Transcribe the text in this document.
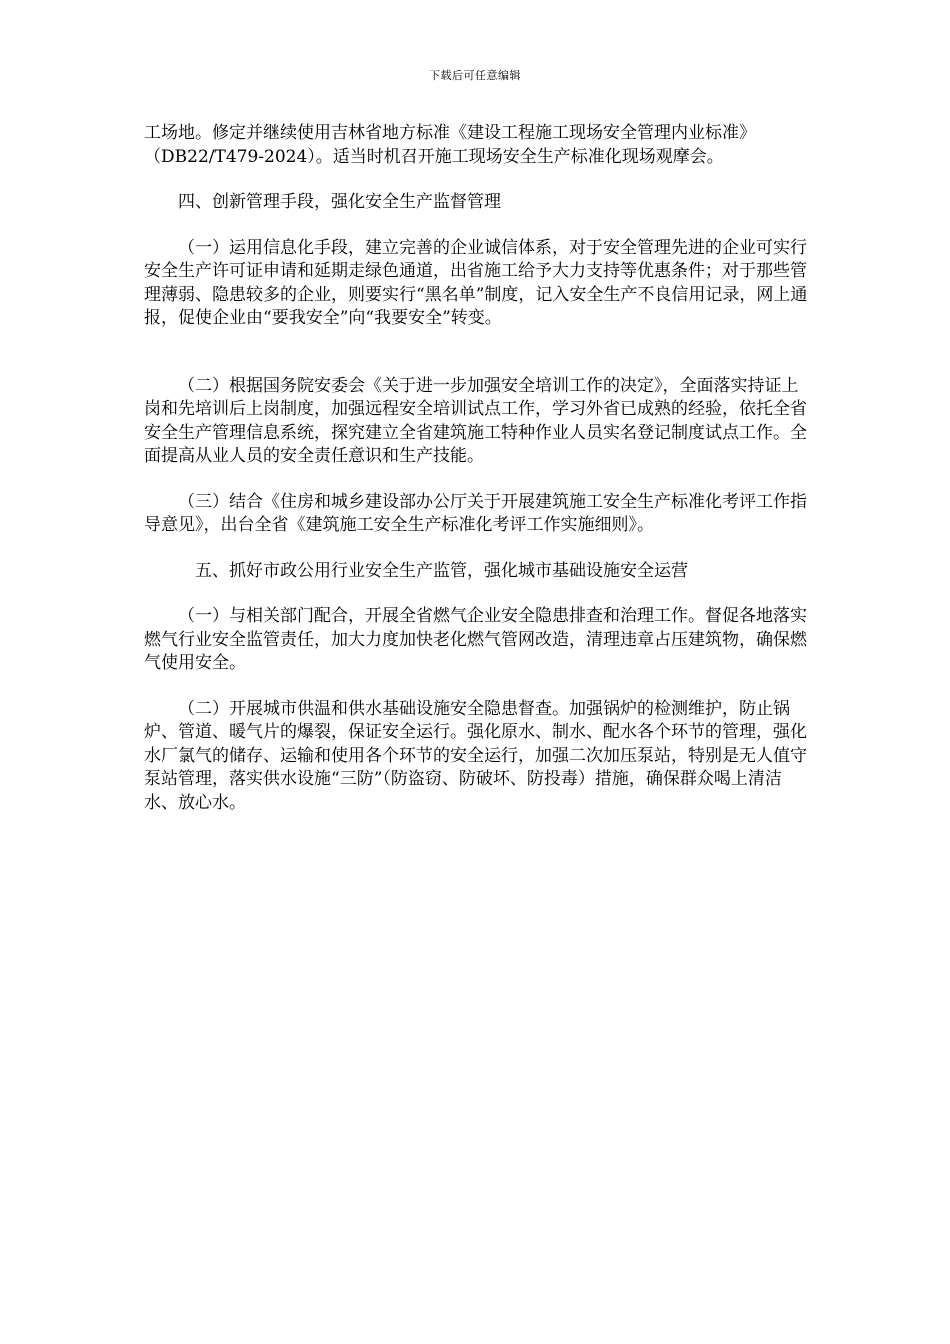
下载后可任意编辑

工场地。修定并继续使用吉林省地方标准《建设工程施工现场安全管理内业标准》（DB22/T479-2024）。适当时机召开施工现场安全生产标准化现场观摩会。

四、创新管理手段，强化安全生产监督管理

（一）运用信息化手段，建立完善的企业诚信体系，对于安全管理先进的企业可实行安全生产许可证申请和延期走绿色通道，出省施工给予大力支持等优惠条件；对于那些管理薄弱、隐患较多的企业，则要实行“黑名单”制度，记入安全生产不良信用记录，网上通报，促使企业由“要我安全”向“我要安全”转变。

（二）根据国务院安委会《关于进一步加强安全培训工作的决定》，全面落实持证上岗和先培训后上岗制度，加强远程安全培训试点工作，学习外省已成熟的经验，依托全省安全生产管理信息系统，探究建立全省建筑施工特种作业人员实名登记制度试点工作。全面提高从业人员的安全责任意识和生产技能。

（三）结合《住房和城乡建设部办公厅关于开展建筑施工安全生产标准化考评工作指导意见》，出台全省《建筑施工安全生产标准化考评工作实施细则》。

五、抓好市政公用行业安全生产监管，强化城市基础设施安全运营

（一）与相关部门配合，开展全省燃气企业安全隐患排查和治理工作。督促各地落实燃气行业安全监管责任，加大力度加快老化燃气管网改造，清理违章占压建筑物，确保燃气使用安全。

（二）开展城市供温和供水基础设施安全隐患督查。加强锅炉的检测维护，防止锅炉、管道、暖气片的爆裂，保证安全运行。强化原水、制水、配水各个环节的管理，强化水厂氯气的储存、运输和使用各个环节的安全运行，加强二次加压泵站，特别是无人值守泵站管理，落实供水设施“三防”（防盗窃、防破坏、防投毒）措施，确保群众喝上清洁水、放心水。
